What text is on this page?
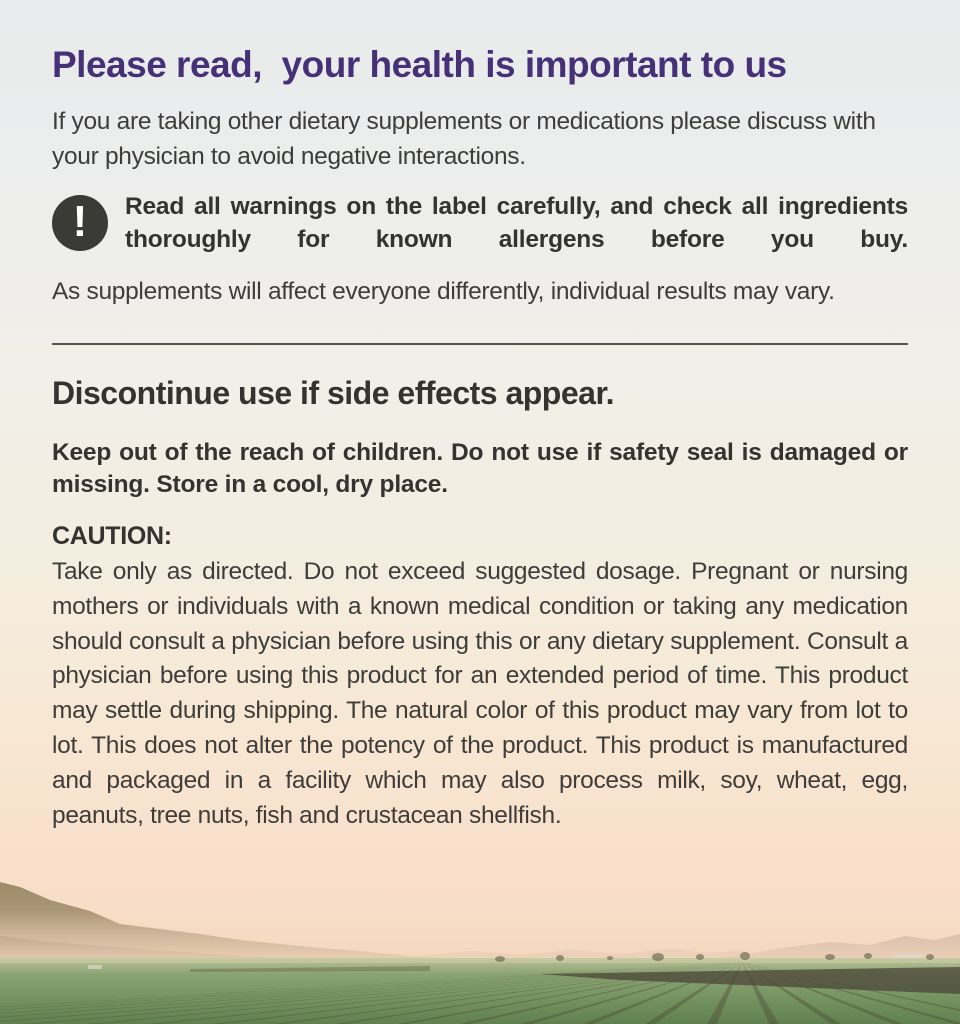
Please read,  your health is important to us

If you are taking other dietary supplements or medications please discuss with your physician to avoid negative interactions.

! Read all warnings on the label carefully, and check all ingredients thoroughly for known allergens before you buy.

As supplements will affect everyone differently, individual results may vary.

Discontinue use if side effects appear.

Keep out of the reach of children. Do not use if safety seal is damaged or missing. Store in a cool, dry place.

CAUTION:

Take only as directed. Do not exceed suggested dosage. Pregnant or nursing mothers or individuals with a known medical condition or taking any medication should consult a physician before using this or any dietary supplement. Consult a physician before using this product for an extended period of time. This product may settle during shipping. The natural color of this product may vary from lot to lot. This does not alter the potency of the product. This product is manufactured and packaged in a facility which may also process milk, soy, wheat, egg, peanuts, tree nuts, fish and crustacean shellfish.
